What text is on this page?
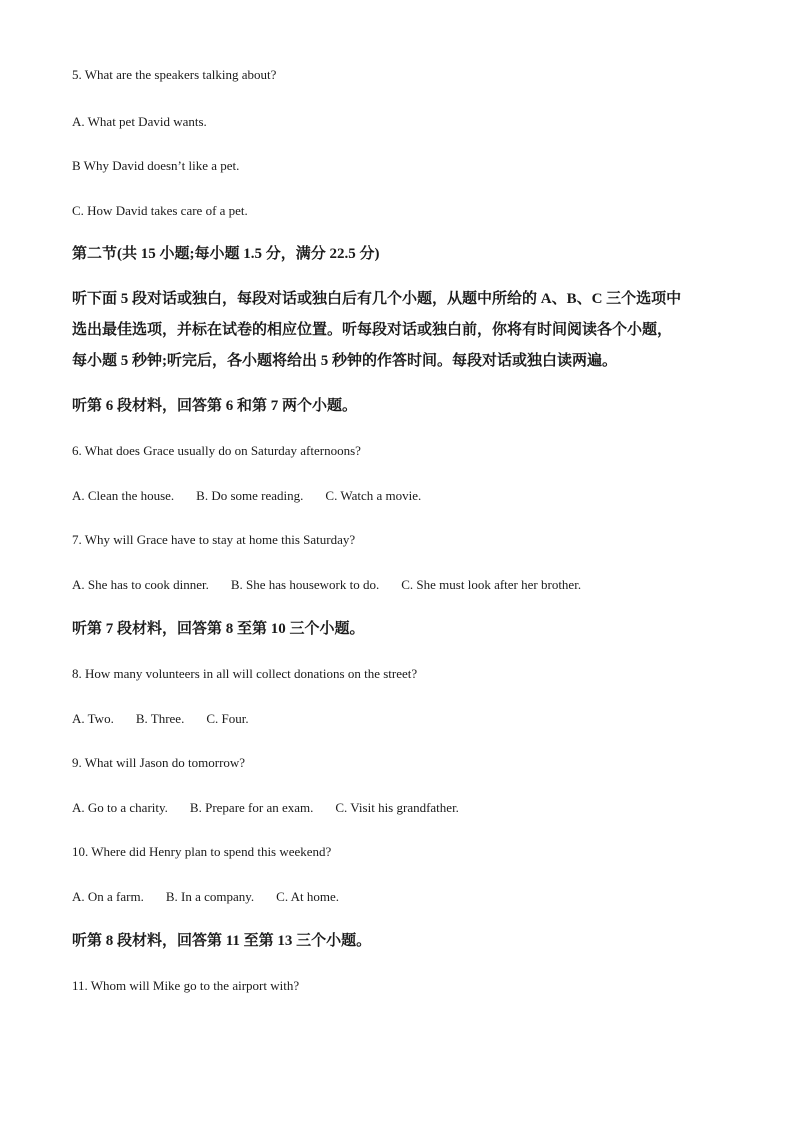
5. What are the speakers talking about?
A. What pet David wants.
B Why David doesn’t like a pet.
C. How David takes care of a pet.
第二节(共 15 小题;每小题 1.5 分，满分 22.5 分)
听下面 5 段对话或独白，每段对话或独白后有几个小题，从题中所给的 A、B、C 三个选项中
选出最佳选项，并标在试卷的相应位置。听每段对话或独白前，你将有时间阅读各个小题，
每小题 5 秒钟;听完后，各小题将给出 5 秒钟的作答时间。每段对话或独白读两遍。
听第 6 段材料，回答第 6 和第 7 两个小题。
6. What does Grace usually do on Saturday afternoons?
A. Clean the house. B. Do some reading. C. Watch a movie.
7. Why will Grace have to stay at home this Saturday?
A. She has to cook dinner. B. She has housework to do. C. She must look after her brother.
听第 7 段材料，回答第 8 至第 10 三个小题。
8. How many volunteers in all will collect donations on the street?
A. Two. B. Three. C. Four.
9. What will Jason do tomorrow?
A. Go to a charity. B. Prepare for an exam. C. Visit his grandfather.
10. Where did Henry plan to spend this weekend?
A. On a farm. B. In a company. C. At home.
听第 8 段材料，回答第 11 至第 13 三个小题。
11. Whom will Mike go to the airport with?
